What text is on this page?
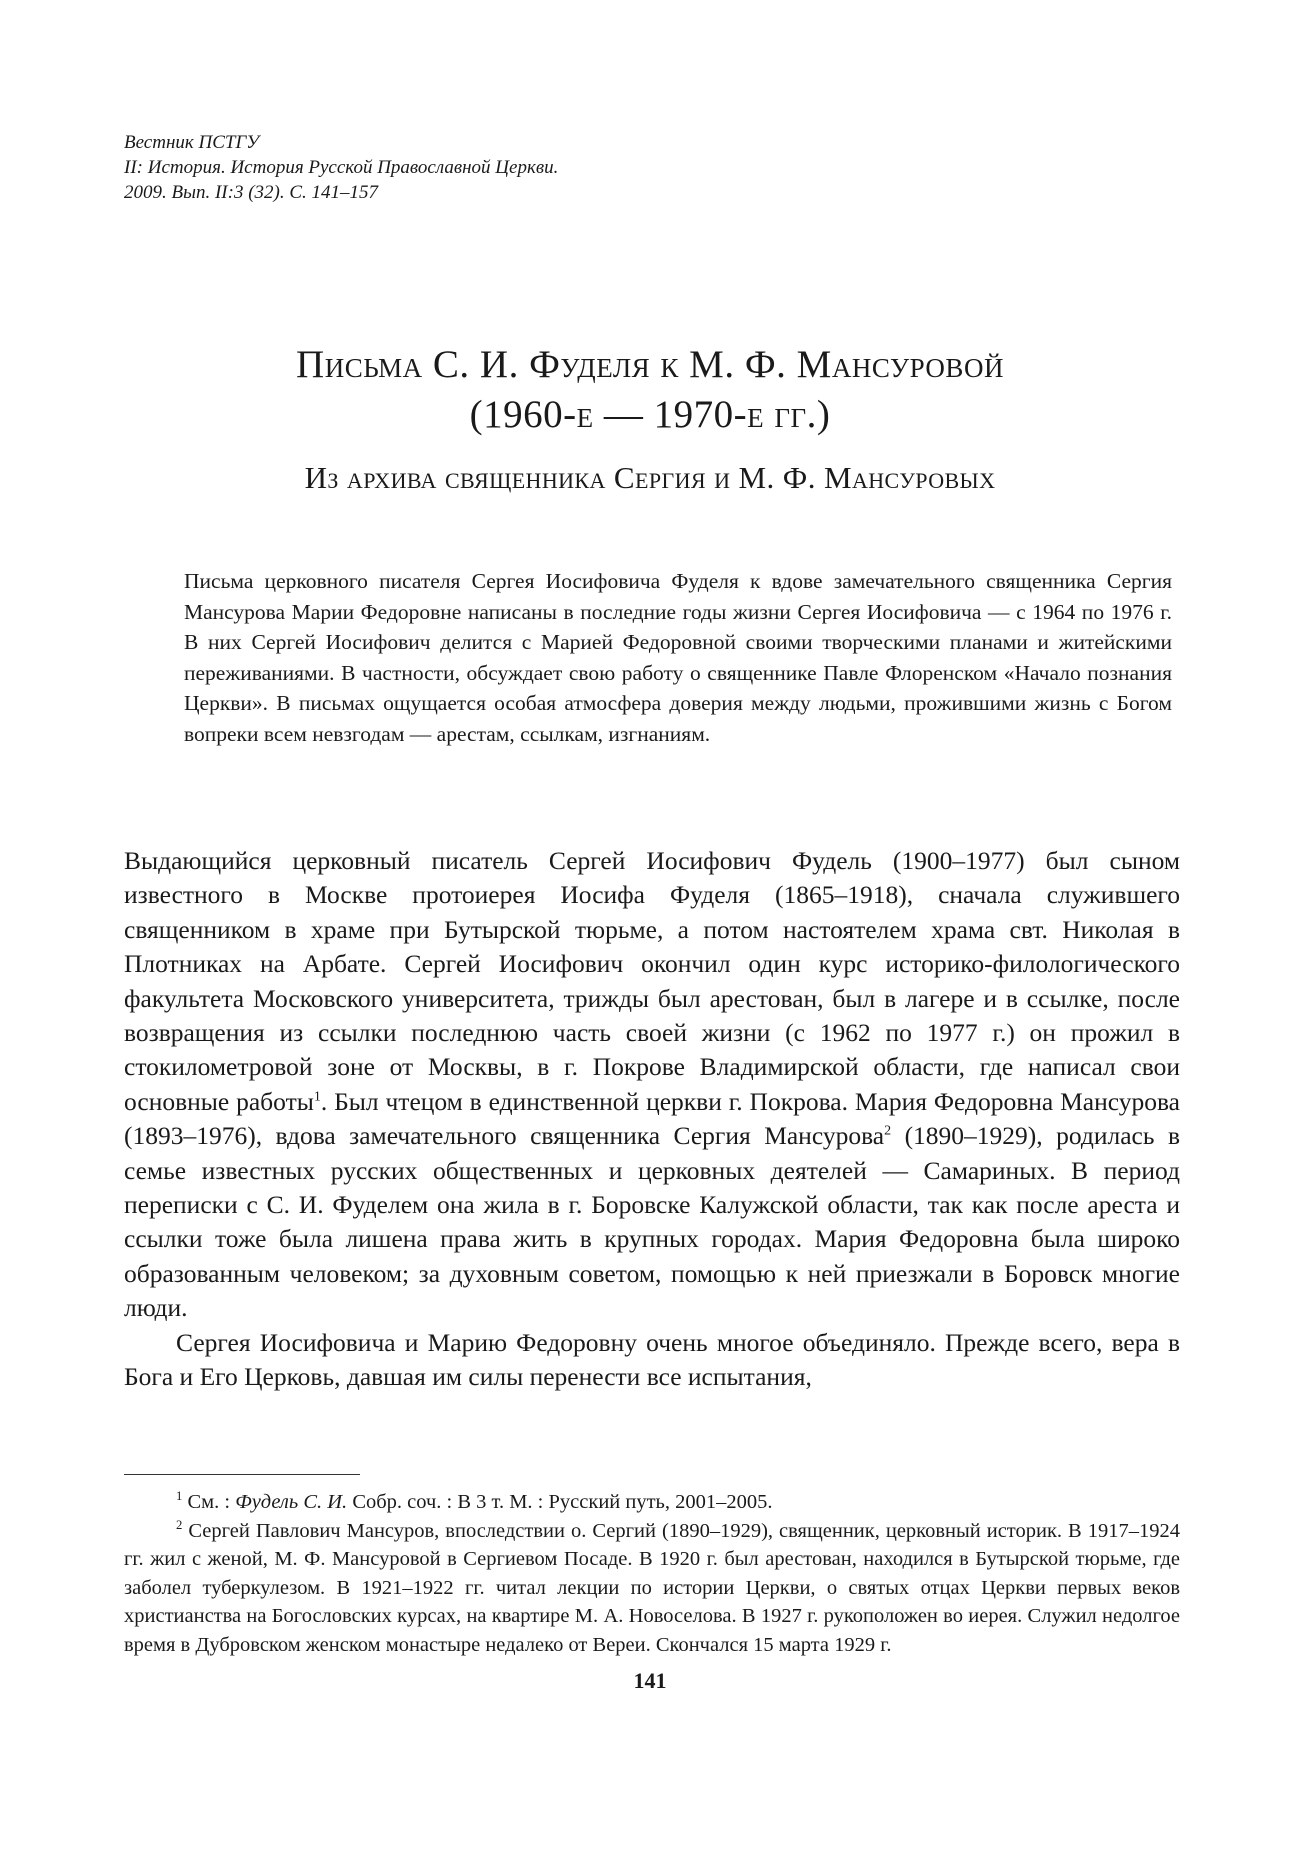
Вестник ПСТГУ
II: История. История Русской Православной Церкви.
2009. Вып. II:3 (32). С. 141–157
Письма С. И. Фуделя к М. Ф. Мансуровой
(1960-е — 1970-е гг.)
Из архива священника Сергия и М. Ф. Мансуровых
Письма церковного писателя Сергея Иосифовича Фуделя к вдове замечательного священника Сергия Мансурова Марии Федоровне написаны в последние годы жизни Сергея Иосифовича — с 1964 по 1976 г. В них Сергей Иосифович делится с Марией Федоровной своими творческими планами и житейскими переживаниями. В частности, обсуждает свою работу о священнике Павле Флоренском «Начало познания Церкви». В письмах ощущается особая атмосфера доверия между людьми, прожившими жизнь с Богом вопреки всем невзгодам — арестам, ссылкам, изгнаниям.

Выдающийся церковный писатель Сергей Иосифович Фудель (1900–1977) был сыном известного в Москве протоиерея Иосифа Фуделя (1865–1918), сначала служившего священником в храме при Бутырской тюрьме, а потом настоятелем храма свт. Николая в Плотниках на Арбате. Сергей Иосифович окончил один курс историко-филологического факультета Московского университета, трижды был арестован, был в лагере и в ссылке, после возвращения из ссылки последнюю часть своей жизни (с 1962 по 1977 г.) он прожил в стокилометровой зоне от Москвы, в г. Покрове Владимирской области, где написал свои основные работы$^1$. Был чтецом в единственной церкви г. Покрова. Мария Федоровна Мансурова (1893–1976), вдова замечательного священника Сергия Мансурова$^2$ (1890–1929), родилась в семье известных русских общественных и церковных деятелей — Самариных. В период переписки с С. И. Фуделем она жила в г. Боровске Калужской области, так как после ареста и ссылки тоже была лишена права жить в крупных городах. Мария Федоровна была широко образованным человеком; за духовным советом, помощью к ней приезжали в Боровск многие люди.

Сергея Иосифовича и Марию Федоровну очень многое объединяло. Прежде всего, вера в Бога и Его Церковь, давшая им силы перенести все испытания,

$^1$ См. : Фудель С. И. Собр. соч. : В 3 т. М. : Русский путь, 2001–2005.

$^2$ Сергей Павлович Мансуров, впоследствии о. Сергий (1890–1929), священник, церковный историк. В 1917–1924 гг. жил с женой, М. Ф. Мансуровой в Сергиевом Посаде. В 1920 г. был арестован, находился в Бутырской тюрьме, где заболел туберкулезом. В 1921–1922 гг. читал лекции по истории Церкви, о святых отцах Церкви первых веков христианства на Богословских курсах, на квартире М. А. Новоселова. В 1927 г. рукоположен во иерея. Служил недолгое время в Дубровском женском монастыре недалеко от Вереи. Скончался 15 марта 1929 г.

141
